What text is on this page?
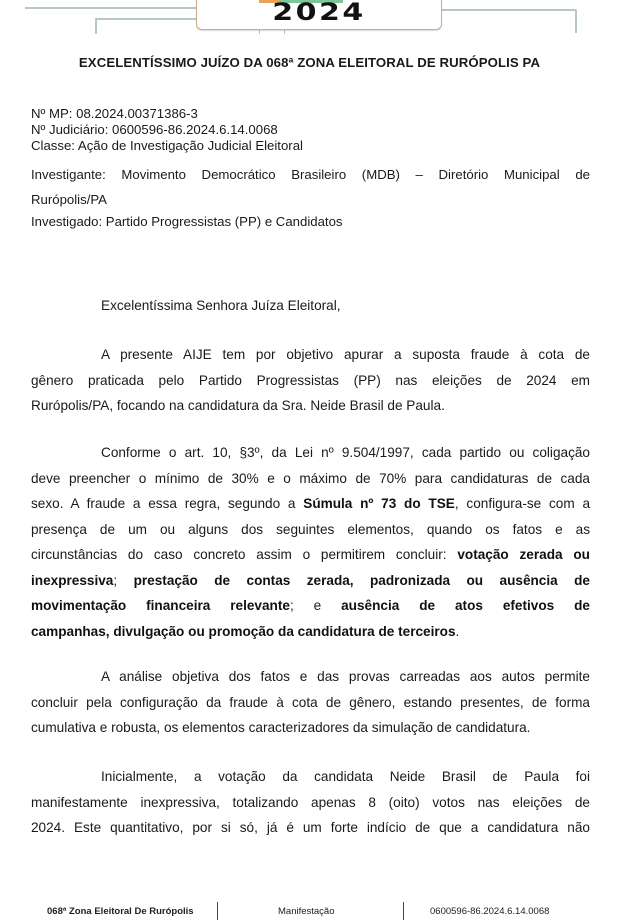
2024
EXCELENTÍSSIMO JUÍZO DA 068ª ZONA ELEITORAL DE RURÓPOLIS PA
Nº MP: 08.2024.00371386-3
Nº Judiciário: 0600596-86.2024.6.14.0068
Classe: Ação de Investigação Judicial Eleitoral
Investigante: Movimento Democrático Brasileiro (MDB) – Diretório Municipal de
Rurópolis/PA
Investigado: Partido Progressistas (PP) e Candidatos
Excelentíssima Senhora Juíza Eleitoral,
A presente AIJE tem por objetivo apurar a suposta fraude à cota de
gênero praticada pelo Partido Progressistas (PP) nas eleições de 2024 em
Rurópolis/PA, focando na candidatura da Sra. Neide Brasil de Paula.
Conforme o art. 10, §3º, da Lei nº 9.504/1997, cada partido ou coligação
deve preencher o mínimo de 30% e o máximo de 70% para candidaturas de cada
sexo. A fraude a essa regra, segundo a Súmula nº 73 do TSE, configura-se com a
presença de um ou alguns dos seguintes elementos, quando os fatos e as
circunstâncias do caso concreto assim o permitirem concluir: votação zerada ou
inexpressiva; prestação de contas zerada, padronizada ou ausência de
movimentação financeira relevante; e ausência de atos efetivos de
campanhas, divulgação ou promoção da candidatura de terceiros.
A análise objetiva dos fatos e das provas carreadas aos autos permite
concluir pela configuração da fraude à cota de gênero, estando presentes, de forma
cumulativa e robusta, os elementos caracterizadores da simulação de candidatura.
Inicialmente, a votação da candidata Neide Brasil de Paula foi
manifestamente inexpressiva, totalizando apenas 8 (oito) votos nas eleições de
2024. Este quantitativo, por si só, já é um forte indício de que a candidatura não
068ª Zona Eleitoral De Rurópolis	Manifestação	0600596-86.2024.6.14.0068
